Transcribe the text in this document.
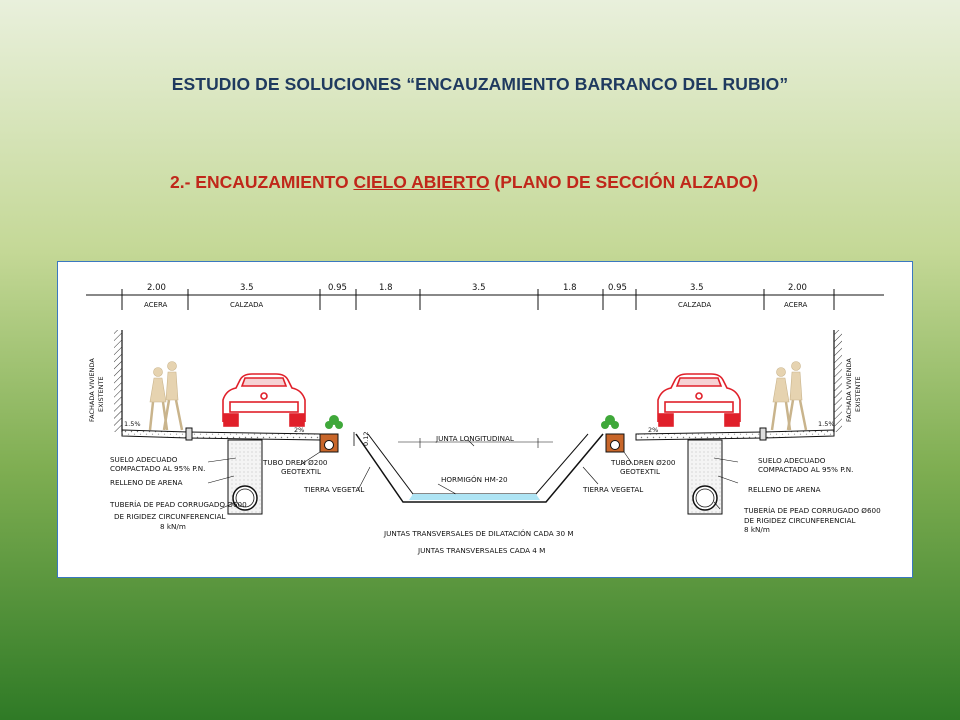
ESTUDIO DE SOLUCIONES “ENCAUZAMIENTO BARRANCO DEL RUBIO”
2.- ENCAUZAMIENTO CIELO ABIERTO (PLANO DE SECCIÓN ALZADO)
2.00	3.5	0.95	1.8	3.5	1.8	0.95	3.5	2.00
ACERA	CALZADA	CALZADA	ACERA
FACHADA VIVIENDA EXISTENTE	FACHADA VIVIENDA EXISTENTE
0.12
1.5%
2%	2%
1.5%
SUELO ADECUADO
COMPACTADO AL 95% P.N.
RELLENO DE ARENA
TUBERÍA DE PEAD CORRUGADO Ø600
DE RIGIDEZ CIRCUNFERENCIAL
8 kN/m
TUBO DREN Ø200
GEOTEXTIL
TIERRA VEGETAL
JUNTA LONGITUDINAL
HORMIGÓN HM-20
TUBO DREN Ø200
GEOTEXTIL
TIERRA VEGETAL
SUELO ADECUADO
COMPACTADO AL 95% P.N.
RELLENO DE ARENA
TUBERÍA DE PEAD CORRUGADO Ø600
DE RIGIDEZ CIRCUNFERENCIAL
8 kN/m
JUNTAS TRANSVERSALES DE DILATACIÓN CADA 30 M
JUNTAS TRANSVERSALES CADA 4 M
